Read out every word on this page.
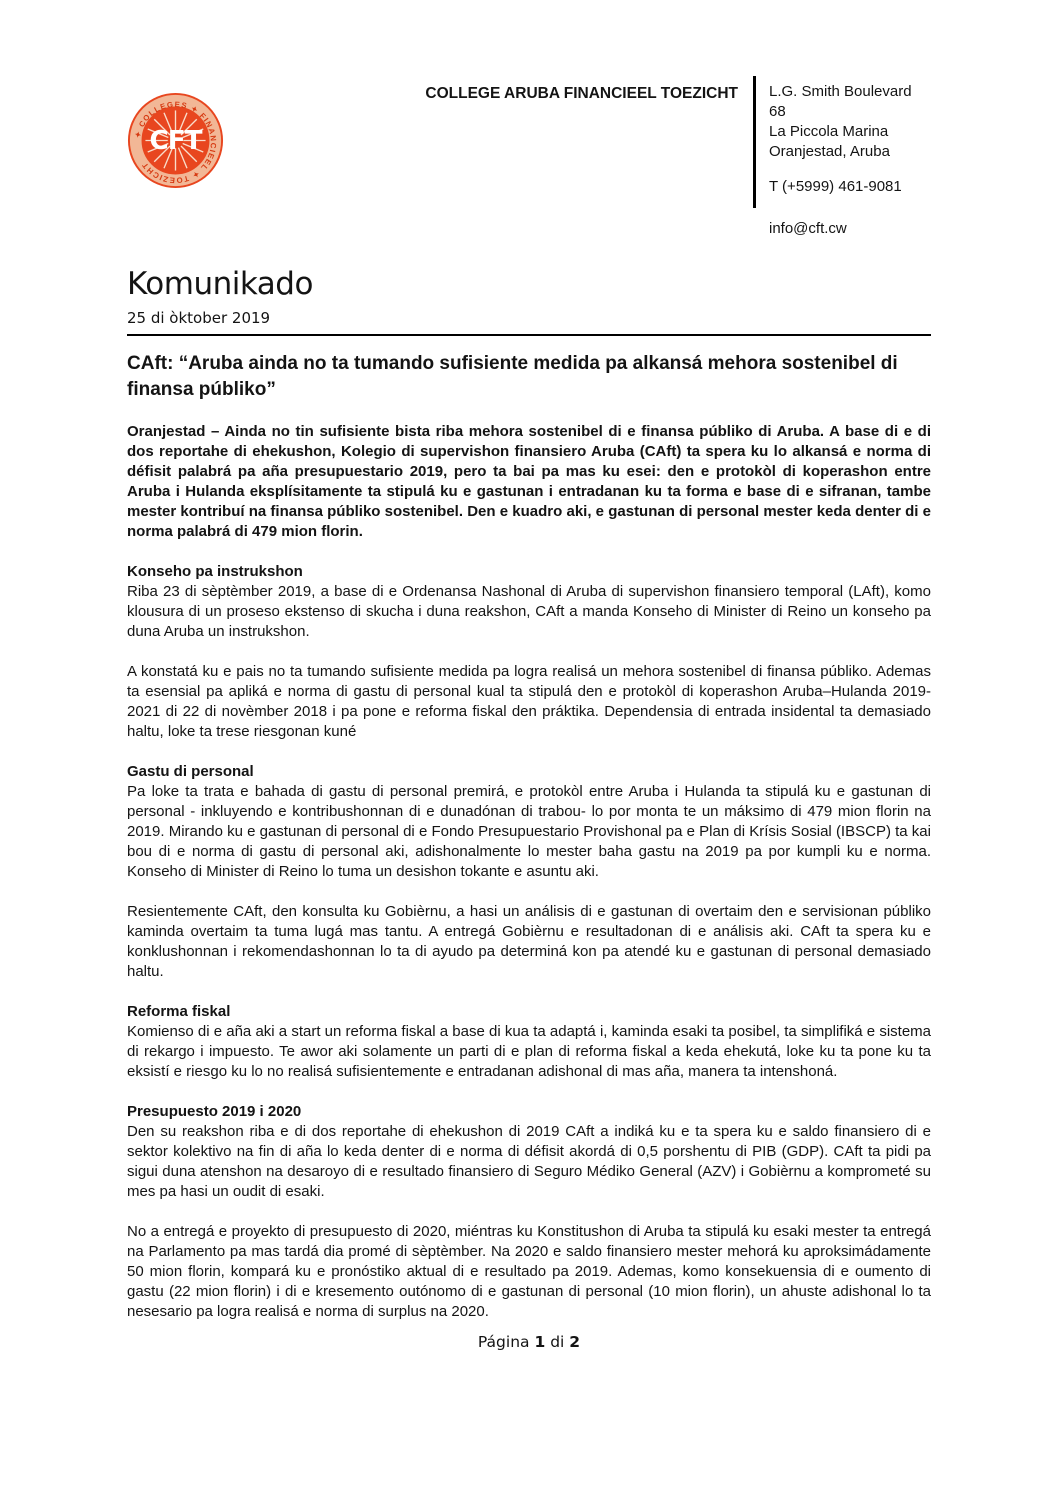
✦ COLLEGES ✦ FINANCIEEL ✦ TOEZICHT
CFT
COLLEGE ARUBA FINANCIEEL TOEZICHT	L.G. Smith Boulevard 68
La Piccola Marina
Oranjestad, Aruba
T (+5999) 461-9081
info@cft.cw
Komunikado
25 di òktober 2019
CAft: “Aruba ainda no ta tumando sufisiente medida pa alkansá mehora sostenibel di finansa públiko”

Oranjestad – Ainda no tin sufisiente bista riba mehora sostenibel di e finansa públiko di Aruba. A base di e di dos reportahe di ehekushon, Kolegio di supervishon finansiero Aruba (CAft) ta spera ku lo alkansá e norma di défisit palabrá pa aña presupuestario 2019, pero ta bai pa mas ku esei: den e protokòl di koperashon entre Aruba i Hulanda eksplísitamente ta stipulá ku e gastunan i entradanan ku ta forma e base di e sifranan, tambe mester kontribuí na finansa públiko sostenibel. Den e kuadro aki, e gastunan di personal mester keda denter di e norma palabrá di 479 mion florin.

Konseho pa instrukshon

Riba 23 di sèptèmber 2019, a base di e Ordenansa Nashonal di Aruba di supervishon finansiero temporal (LAft), komo klousura di un proseso ekstenso di skucha i duna reakshon, CAft a manda Konseho di Minister di Reino un konseho pa duna Aruba un instrukshon.

A konstatá ku e pais no ta tumando sufisiente medida pa logra realisá un mehora sostenibel di finansa públiko. Ademas ta esensial pa apliká e norma di gastu di personal kual ta stipulá den e protokòl di koperashon Aruba–Hulanda 2019-2021 di 22 di novèmber 2018 i pa pone e reforma fiskal den práktika. Dependensia di entrada insidental ta demasiado haltu, loke ta trese riesgonan kuné

Gastu di personal

Pa loke ta trata e bahada di gastu di personal premirá, e protokòl entre Aruba i Hulanda ta stipulá ku e gastunan di personal - inkluyendo e kontribushonnan di e dunadónan di trabou- lo por monta te un máksimo di 479 mion florin na 2019. Mirando ku e gastunan di personal di e Fondo Presupuestario Provishonal pa e Plan di Krísis Sosial (IBSCP) ta kai bou di e norma di gastu di personal aki, adishonalmente lo mester baha gastu na 2019 pa por kumpli ku e norma. Konseho di Minister di Reino lo tuma un desishon tokante e asuntu aki.

Resientemente CAft, den konsulta ku Gobièrnu, a hasi un análisis di e gastunan di overtaim den e servisionan públiko kaminda overtaim ta tuma lugá mas tantu. A entregá Gobièrnu e resultadonan di e análisis aki. CAft ta spera ku e konklushonnan i rekomendashonnan lo ta di ayudo pa determiná kon pa atendé ku e gastunan di personal demasiado haltu.

Reforma fiskal

Komienso di e aña aki a start un reforma fiskal a base di kua ta adaptá i, kaminda esaki ta posibel, ta simplifiká e sistema di rekargo i impuesto. Te awor aki solamente un parti di e plan di reforma fiskal a keda ehekutá, loke ku ta pone ku ta eksistí e riesgo ku lo no realisá sufisientemente e entradanan adishonal di mas aña, manera ta intenshoná.

Presupuesto 2019 i 2020

Den su reakshon riba e di dos reportahe di ehekushon di 2019 CAft a indiká ku e ta spera ku e saldo finansiero di e sektor kolektivo na fin di aña lo keda denter di e norma di défisit akordá di 0,5 porshentu di PIB (GDP). CAft ta pidi pa sigui duna atenshon na desaroyo di e resultado finansiero di Seguro Médiko General (AZV) i Gobièrnu a komprometé su mes pa hasi un oudit di esaki.

No a entregá e proyekto di presupuesto di 2020, miéntras ku Konstitushon di Aruba ta stipulá ku esaki mester ta entregá na Parlamento pa mas tardá dia promé di sèptèmber. Na 2020 e saldo finansiero mester mehorá ku aproksimádamente 50 mion florin, kompará ku e pronóstiko aktual di e resultado pa 2019. Ademas, komo konsekuensia di e oumento di gastu (22 mion florin) i di e kresemento outónomo di e gastunan di personal (10 mion florin), un ahuste adishonal lo ta nesesario pa logra realisá e norma di surplus na 2020.

Página 1 di 2
